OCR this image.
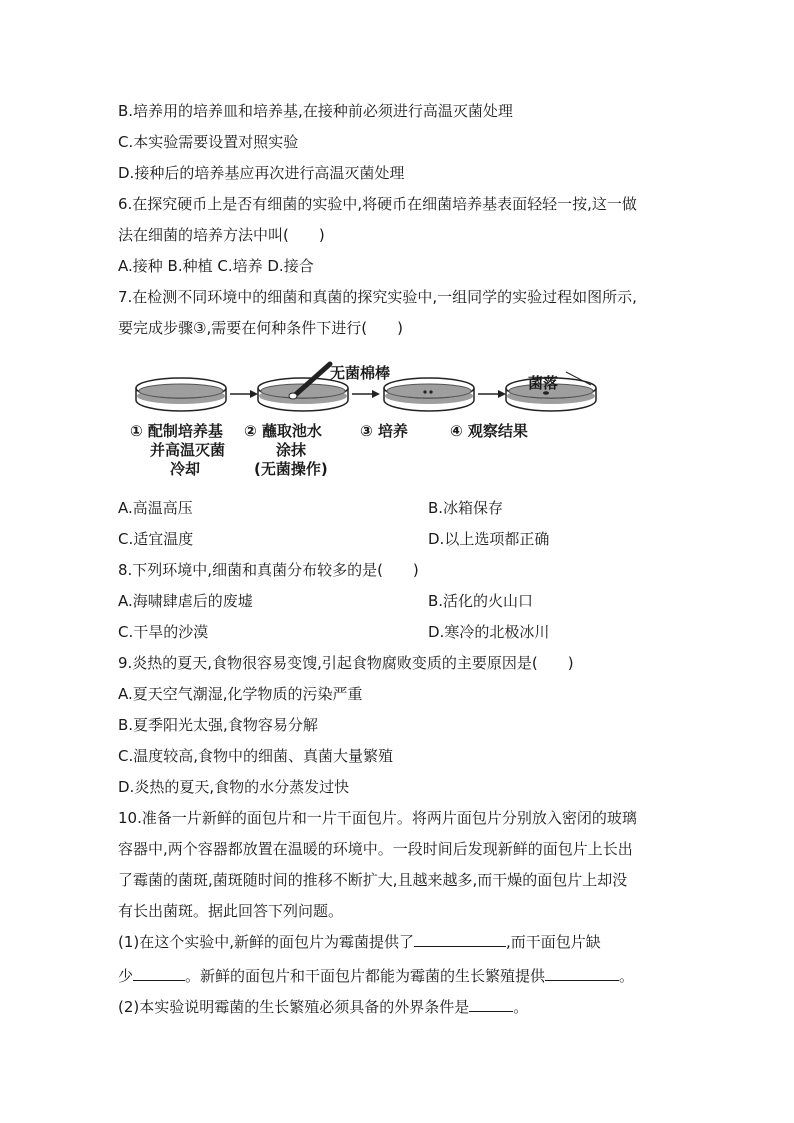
B.培养用的培养皿和培养基,在接种前必须进行高温灭菌处理
C.本实验需要设置对照实验
D.接种后的培养基应再次进行高温灭菌处理
6.在探究硬币上是否有细菌的实验中,将硬币在细菌培养基表面轻轻一按,这一做
法在细菌的培养方法中叫(　　)
A.接种 B.种植 C.培养 D.接合
7.在检测不同环境中的细菌和真菌的探究实验中,一组同学的实验过程如图所示,
要完成步骤③,需要在何种条件下进行(　　)
无菌棉棒
菌落
① 配制培养基
并高温灭菌
冷却
② 蘸取池水
涂抹
(无菌操作)
③ 培养	④ 观察结果
A.高温高压	B.冰箱保存
C.适宜温度	D.以上选项都正确
8.下列环境中,细菌和真菌分布较多的是(　　)
A.海啸肆虐后的废墟	B.活化的火山口
C.干旱的沙漠	D.寒冷的北极冰川
9.炎热的夏天,食物很容易变馊,引起食物腐败变质的主要原因是(　　)
A.夏天空气潮湿,化学物质的污染严重
B.夏季阳光太强,食物容易分解
C.温度较高,食物中的细菌、真菌大量繁殖
D.炎热的夏天,食物的水分蒸发过快
10.准备一片新鲜的面包片和一片干面包片。将两片面包片分别放入密闭的玻璃
容器中,两个容器都放置在温暖的环境中。一段时间后发现新鲜的面包片上长出
了霉菌的菌斑,菌斑随时间的推移不断扩大,且越来越多,而干燥的面包片上却没
有长出菌斑。据此回答下列问题。
(1)在这个实验中,新鲜的面包片为霉菌提供了	,而干面包片缺
少	。新鲜的面包片和干面包片都能为霉菌的生长繁殖提供	。
(2)本实验说明霉菌的生长繁殖必须具备的外界条件是	。
